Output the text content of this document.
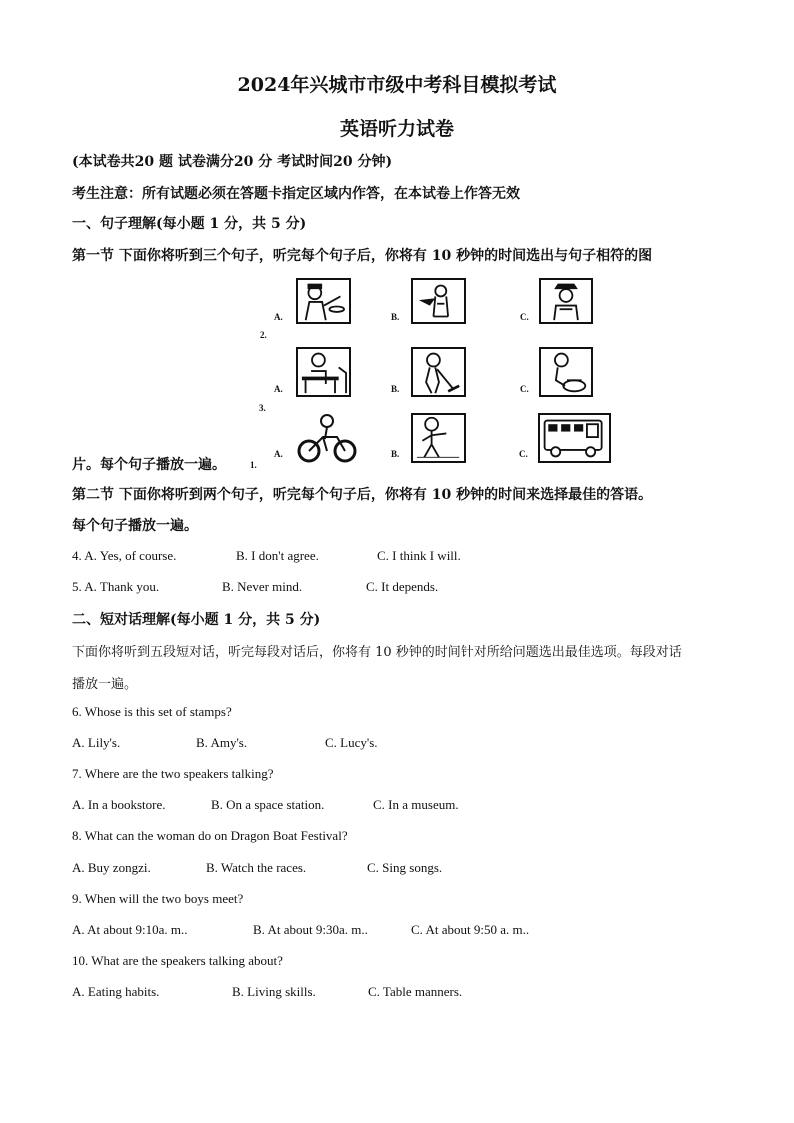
2024年兴城市市级中考科目模拟考试
英语听力试卷
(本试卷共20 题 试卷满分20 分 考试时间20 分钟)
考生注意：所有试题必须在答题卡指定区域内作答，在本试卷上作答无效
一、句子理解(每小题 1 分，共 5 分)
第一节 下面你将听到三个句子，听完每个句子后，你将有 10 秒钟的时间选出与句子相符的图
2.
3.
1.
A.	B.	C.
A.	B.	C.
A.	B.	C.
片。每个句子播放一遍。
第二节 下面你将听到两个句子，听完每个句子后，你将有 10 秒钟的时间来选择最佳的答语。
每个句子播放一遍。
4. A. Yes, of course.	B. I don't agree.	C. I think I will.
5. A. Thank you.	B. Never mind.	C. It depends.
二、短对话理解(每小题 1 分，共 5 分)
下面你将听到五段短对话，听完每段对话后，你将有 10 秒钟的时间针对所给问题选出最佳选项。每段对话
播放一遍。
6. Whose is this set of stamps?
A. Lily's.	B. Amy's.	C. Lucy's.
7. Where are the two speakers talking?
A. In a bookstore.	B. On a space station.	C. In a museum.
8. What can the woman do on Dragon Boat Festival?
A. Buy zongzi.	B. Watch the races.	C. Sing songs.
9. When will the two boys meet?
A. At about 9:10a. m..	B. At about 9:30a. m..	C. At about 9:50 a. m..
10. What are the speakers talking about?
A. Eating habits.	B. Living skills.	C. Table manners.
